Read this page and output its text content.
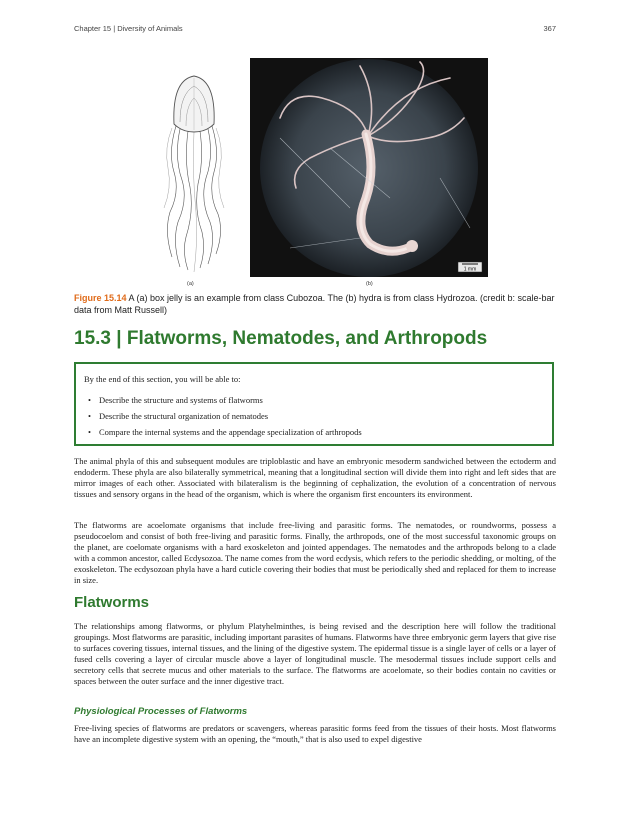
Chapter 15 | Diversity of Animals	367
1 mm
(a)	(b)
Figure 15.14 A (a) box jelly is an example from class Cubozoa. The (b) hydra is from class Hydrozoa. (credit b: scale-bar data from Matt Russell)
15.3 | Flatworms, Nematodes, and Arthropods
By the end of this section, you will be able to:
• Describe the structure and systems of flatworms
• Describe the structural organization of nematodes
• Compare the internal systems and the appendage specialization of arthropods

The animal phyla of this and subsequent modules are triploblastic and have an embryonic mesoderm sandwiched between the ectoderm and endoderm. These phyla are also bilaterally symmetrical, meaning that a longitudinal section will divide them into right and left sides that are mirror images of each other. Associated with bilateralism is the beginning of cephalization, the evolution of a concentration of nervous tissues and sensory organs in the head of the organism, which is where the organism first encounters its environment.

The flatworms are acoelomate organisms that include free-living and parasitic forms. The nematodes, or roundworms, possess a pseudocoelom and consist of both free-living and parasitic forms. Finally, the arthropods, one of the most successful taxonomic groups on the planet, are coelomate organisms with a hard exoskeleton and jointed appendages. The nematodes and the arthropods belong to a clade with a common ancestor, called Ecdysozoa. The name comes from the word ecdysis, which refers to the periodic shedding, or molting, of the exoskeleton. The ecdysozoan phyla have a hard cuticle covering their bodies that must be periodically shed and replaced for them to increase in size.

Flatworms

The relationships among flatworms, or phylum Platyhelminthes, is being revised and the description here will follow the traditional groupings. Most flatworms are parasitic, including important parasites of humans. Flatworms have three embryonic germ layers that give rise to surfaces covering tissues, internal tissues, and the lining of the digestive system. The epidermal tissue is a single layer of cells or a layer of fused cells covering a layer of circular muscle above a layer of longitudinal muscle. The mesodermal tissues include support cells and secretory cells that secrete mucus and other materials to the surface. The flatworms are acoelomate, so their bodies contain no cavities or spaces between the outer surface and the inner digestive tract.

Physiological Processes of Flatworms

Free-living species of flatworms are predators or scavengers, whereas parasitic forms feed from the tissues of their hosts. Most flatworms have an incomplete digestive system with an opening, the “mouth,” that is also used to expel digestive
